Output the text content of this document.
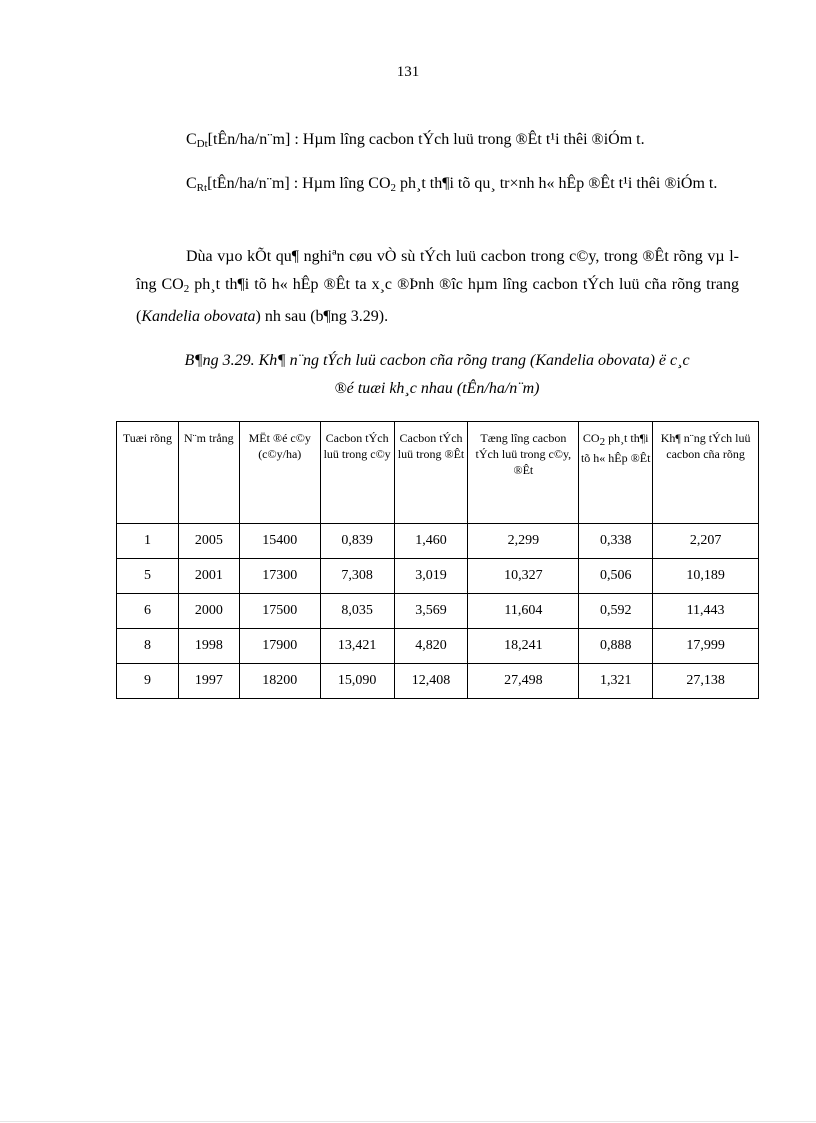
131

$C_{Dt}[tÊn/ha/n¨m]$ : Hµm lîng cacbon tÝch luü trong ®Êt t¹i thêi ®iÓm t.

$C_{Rt}[tÊn/ha/n¨m]$ : Hµm lîng $CO_2$ ph¸t th¶i tõ qu¸ tr×nh h« hÊp ®Êt t¹i thêi ®iÓm t.

Dùa vµo kÕt qu¶ nghiªn cøu vÒ sù tÝch luü cacbon trong c©y, trong ®Êt rõng vµ lîng $CO_2$ ph¸t th¶i tõ h« hÊp ®Êt ta x¸c ®Þnh ®îc hµm lîng cacbon tÝch luü cña rõng trang (Kandelia obovata) nh sau (b¶ng 3.29).

B¶ng 3.29. Kh¶ n¨ng tÝch luü cacbon cña rõng trang (Kandelia obovata) ë c¸c
®é tuæi kh¸c nhau (tÊn/ha/n¨m)
Tuæi rõng	N¨m trång	MËt ®é c©y (c©y/ha)	Cacbon tÝch luü trong c©y	Cacbon tÝch luü trong ®Êt	Tæng lîng cacbon tÝch luü trong c©y, ®Êt	CO2 ph¸t th¶i tõ h« hÊp ®Êt	Kh¶ n¨ng tÝch luü cacbon cña rõng
1	2005	15400	0,839	1,460	2,299	0,338	2,207
5	2001	17300	7,308	3,019	10,327	0,506	10,189
6	2000	17500	8,035	3,569	11,604	0,592	11,443
8	1998	17900	13,421	4,820	18,241	0,888	17,999
9	1997	18200	15,090	12,408	27,498	1,321	27,138
